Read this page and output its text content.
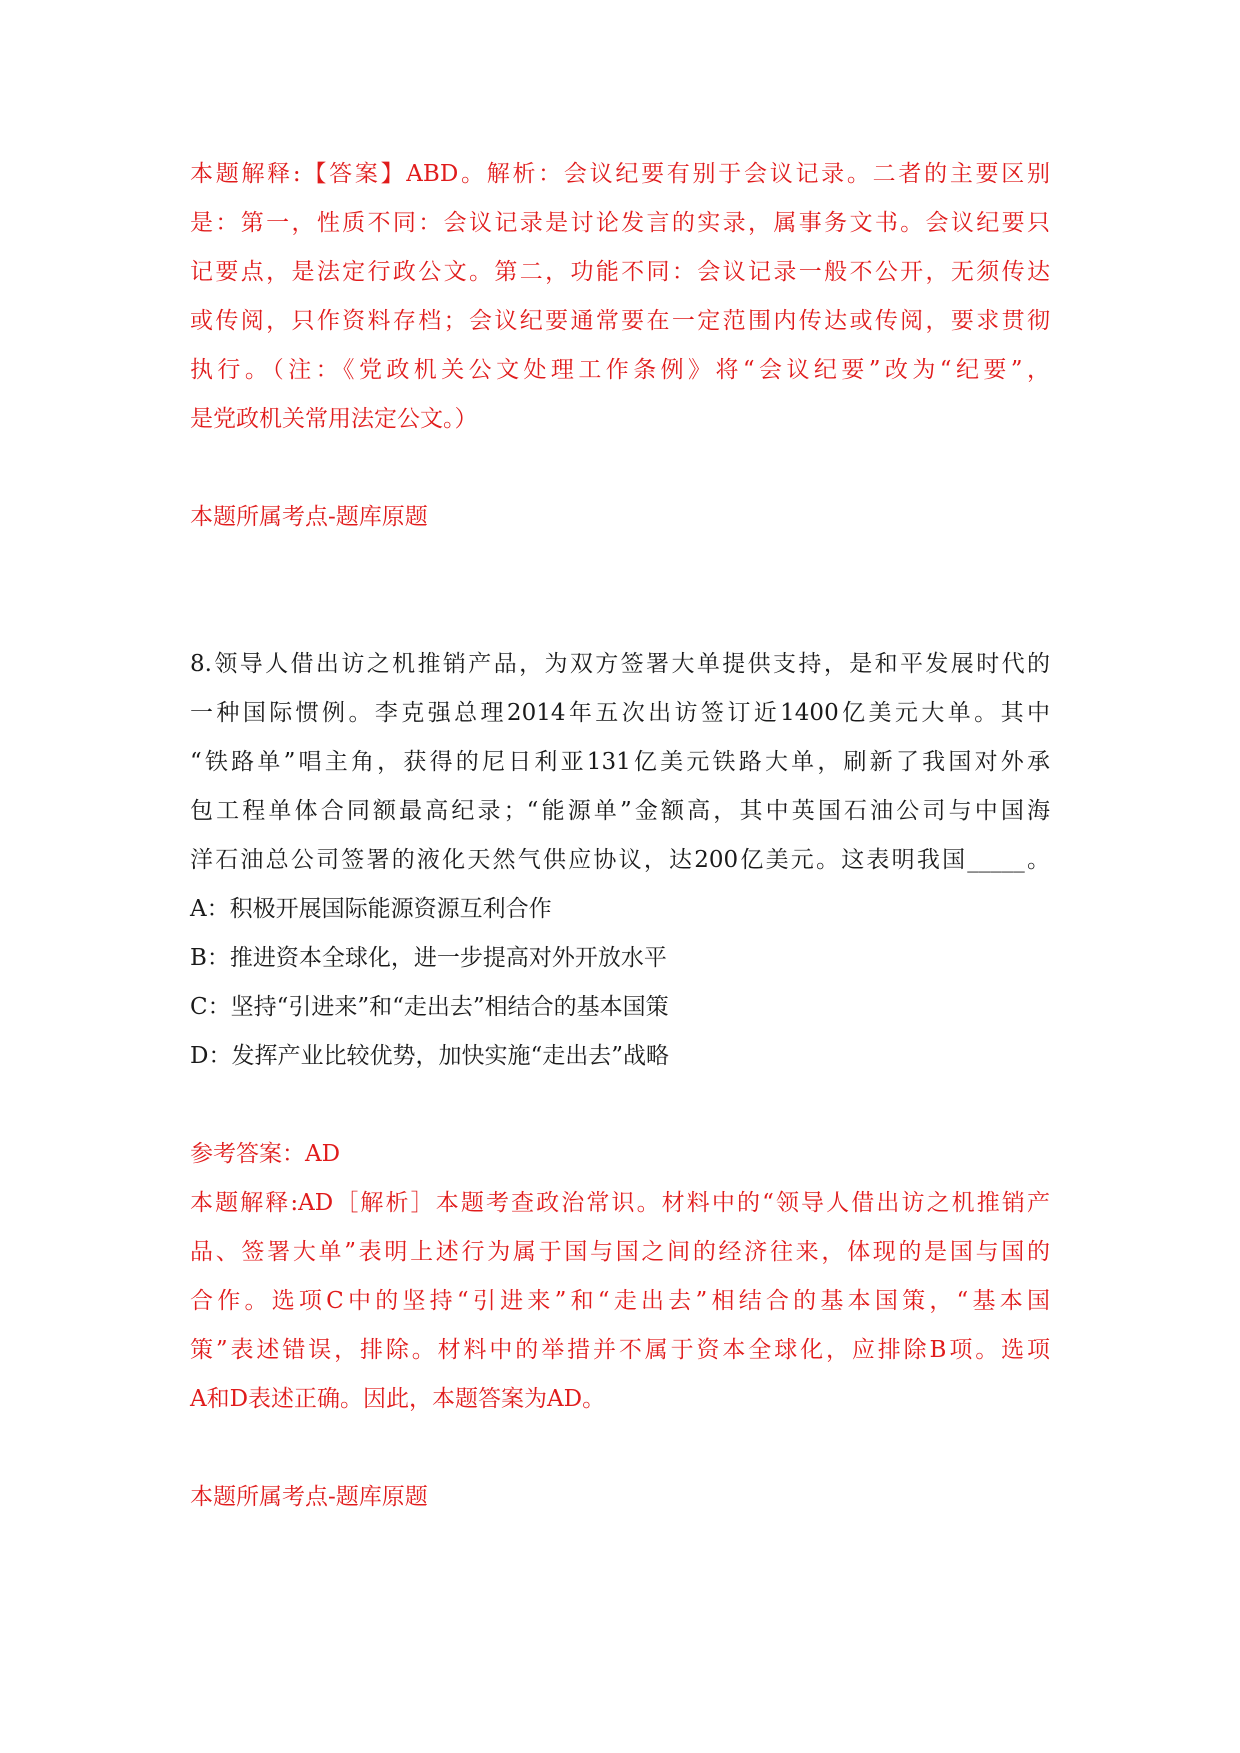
本题解释:【答案】ABD。解析：会议纪要有别于会议记录。二者的主要区别
是：第一，性质不同：会议记录是讨论发言的实录，属事务文书。会议纪要只
记要点，是法定行政公文。第二，功能不同：会议记录一般不公开，无须传达
或传阅，只作资料存档；会议纪要通常要在一定范围内传达或传阅，要求贯彻
执行。（注：《党政机关公文处理工作条例》将“会议纪要”改为“纪要”，
是党政机关常用法定公文。）
本题所属考点-题库原题
8.领导人借出访之机推销产品，为双方签署大单提供支持，是和平发展时代的
一种国际惯例。李克强总理2014年五次出访签订近1400亿美元大单。其中
“铁路单”唱主角，获得的尼日利亚131亿美元铁路大单，刷新了我国对外承
包工程单体合同额最高纪录；“能源单”金额高，其中英国石油公司与中国海
洋石油总公司签署的液化天然气供应协议，达200亿美元。这表明我国_____。
A：积极开展国际能源资源互利合作
B：推进资本全球化，进一步提高对外开放水平
C：坚持“引进来”和“走出去”相结合的基本国策
D：发挥产业比较优势，加快实施“走出去”战略
参考答案：AD
本题解释:AD［解析］本题考查政治常识。材料中的“领导人借出访之机推销产
品、签署大单”表明上述行为属于国与国之间的经济往来，体现的是国与国的
合作。选项C中的坚持“引进来”和“走出去”相结合的基本国策，“基本国
策”表述错误，排除。材料中的举措并不属于资本全球化，应排除B项。选项
A和D表述正确。因此，本题答案为AD。
本题所属考点-题库原题
